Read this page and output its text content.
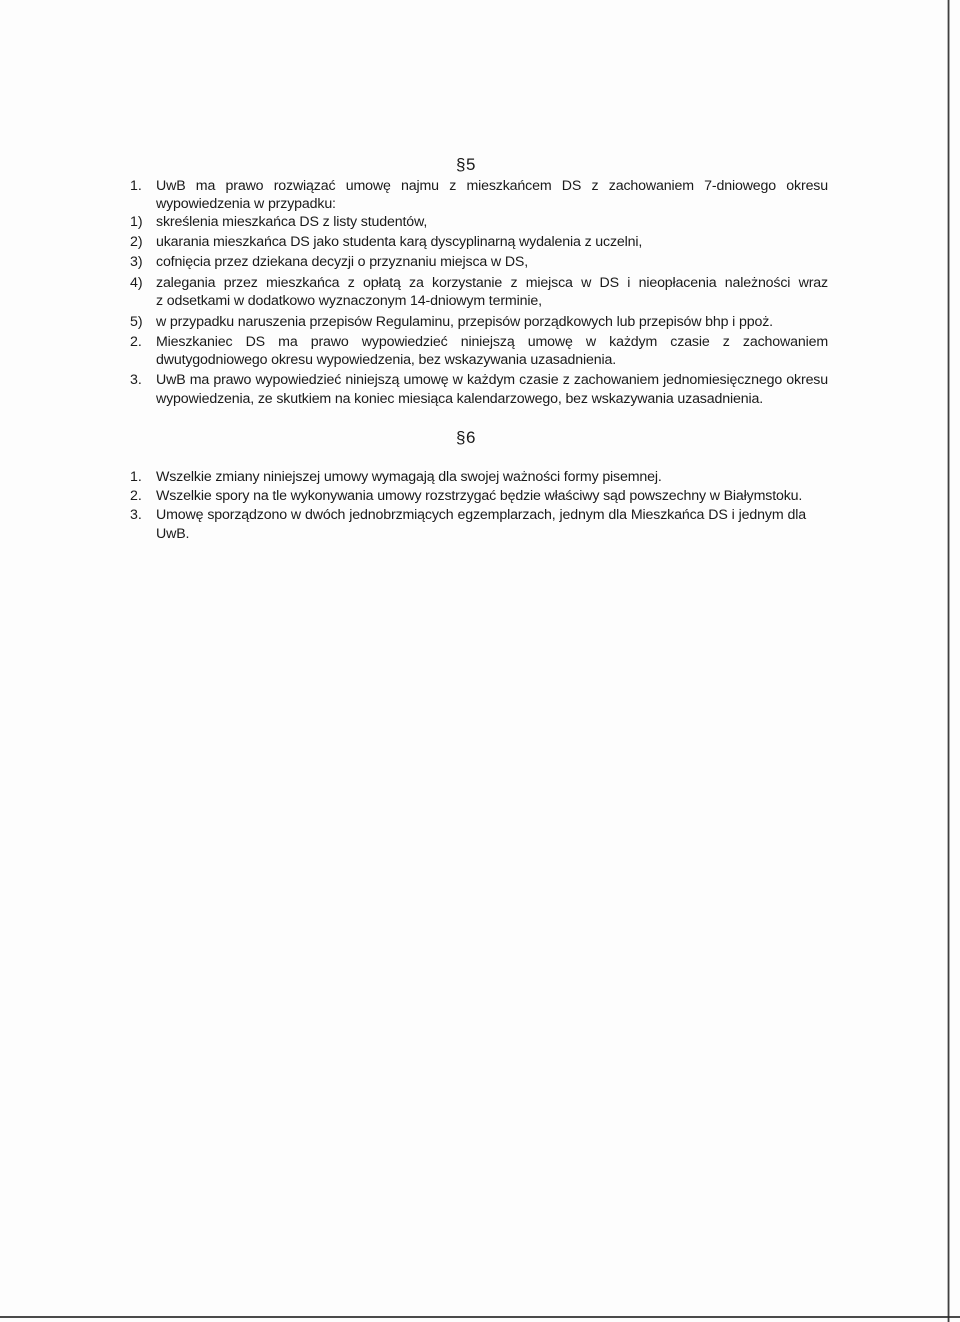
§5
1. UwB ma prawo rozwiązać umowę najmu z mieszkańcem DS z zachowaniem 7-dniowego okresu
wypowiedzenia w przypadku:
1) skreślenia mieszkańca DS z listy studentów,
2) ukarania mieszkańca DS jako studenta karą dyscyplinarną wydalenia z uczelni,
3) cofnięcia przez dziekana decyzji o przyznaniu miejsca w DS,
4) zalegania przez mieszkańca z opłatą za korzystanie z miejsca w DS i nieopłacenia należności wraz
z odsetkami w dodatkowo wyznaczonym 14-dniowym terminie,
5) w przypadku naruszenia przepisów Regulaminu, przepisów porządkowych lub przepisów bhp i ppoż.
2. Mieszkaniec DS ma prawo wypowiedzieć niniejszą umowę w każdym czasie z zachowaniem
dwutygodniowego okresu wypowiedzenia, bez wskazywania uzasadnienia.
3. UwB ma prawo wypowiedzieć niniejszą umowę w każdym czasie z zachowaniem jednomiesięcznego okresu
wypowiedzenia, ze skutkiem na koniec miesiąca kalendarzowego, bez wskazywania uzasadnienia.
§6
1. Wszelkie zmiany niniejszej umowy wymagają dla swojej ważności formy pisemnej.
2. Wszelkie spory na tle wykonywania umowy rozstrzygać będzie właściwy sąd powszechny w Białymstoku.
3. Umowę sporządzono w dwóch jednobrzmiących egzemplarzach, jednym dla Mieszkańca DS i jednym dla
UwB.
